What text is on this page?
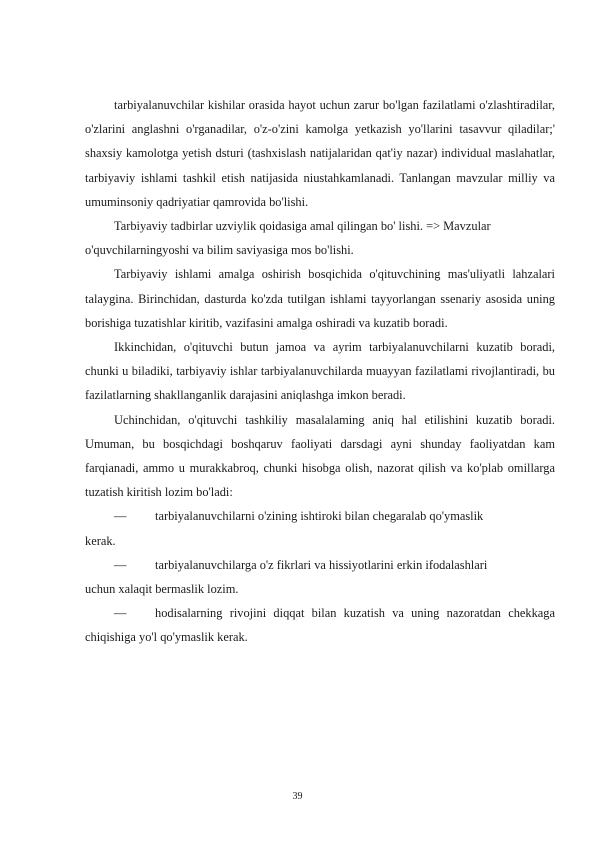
tarbiyalanuvchilar kishilar orasida hayot uchun zarur bo'lgan fazilatlami o'zlashtiradilar, o'zlarini anglashni o'rganadilar, o'z-o'zini kamolga yetkazish yo'llarini tasavvur qiladilar;' shaxsiy kamolotga yetish dsturi (tashxislash natijalaridan qat'iy nazar) individual maslahatlar, tarbiyaviy ishlami tashkil etish natijasida niustahkamlanadi. Tanlangan mavzular milliy va umuminsoniy qadriyatiar qamrovida bo'lishi.

Tarbiyaviy tadbirlar uzviylik qoidasiga amal qilingan bo' lishi. => Mavzular

o'quvchilarningyoshi va bilim saviyasiga mos bo'lishi.

Tarbiyaviy ishlami amalga oshirish bosqichida o'qituvchining mas'uliyatli lahzalari talaygina. Birinchidan, dasturda ko'zda tutilgan ishlami tayyorlangan ssenariy asosida uning borishiga tuzatishlar kiritib, vazifasini amalga oshiradi va kuzatib boradi.

Ikkinchidan, o'qituvchi butun jamoa va ayrim tarbiyalanuvchilarni kuzatib boradi, chunki u biladiki, tarbiyaviy ishlar tarbiyalanuvchilarda muayyan fazilatlami rivojlantiradi, bu fazilatlarning shakllanganlik darajasini aniqlashga imkon beradi.

Uchinchidan, o'qituvchi tashkiliy masalalaming aniq hal etilishini kuzatib boradi. Umuman, bu bosqichdagi boshqaruv faoliyati darsdagi ayni shunday faoliyatdan kam farqianadi, ammo u murakkabroq, chunki hisobga olish, nazorat qilish va ko'plab omillarga tuzatish kiritish lozim bo'ladi:

— tarbiyalanuvchilarni o'zining ishtiroki bilan chegaralab qo'ymaslik

kerak.

— tarbiyalanuvchilarga o'z fikrlari va hissiyotlarini erkin ifodalashlari

uchun xalaqit bermaslik lozim.

— hodisalarning rivojini diqqat bilan kuzatish va uning nazoratdan chekkaga chiqishiga yo'l qo'ymaslik kerak.

39
